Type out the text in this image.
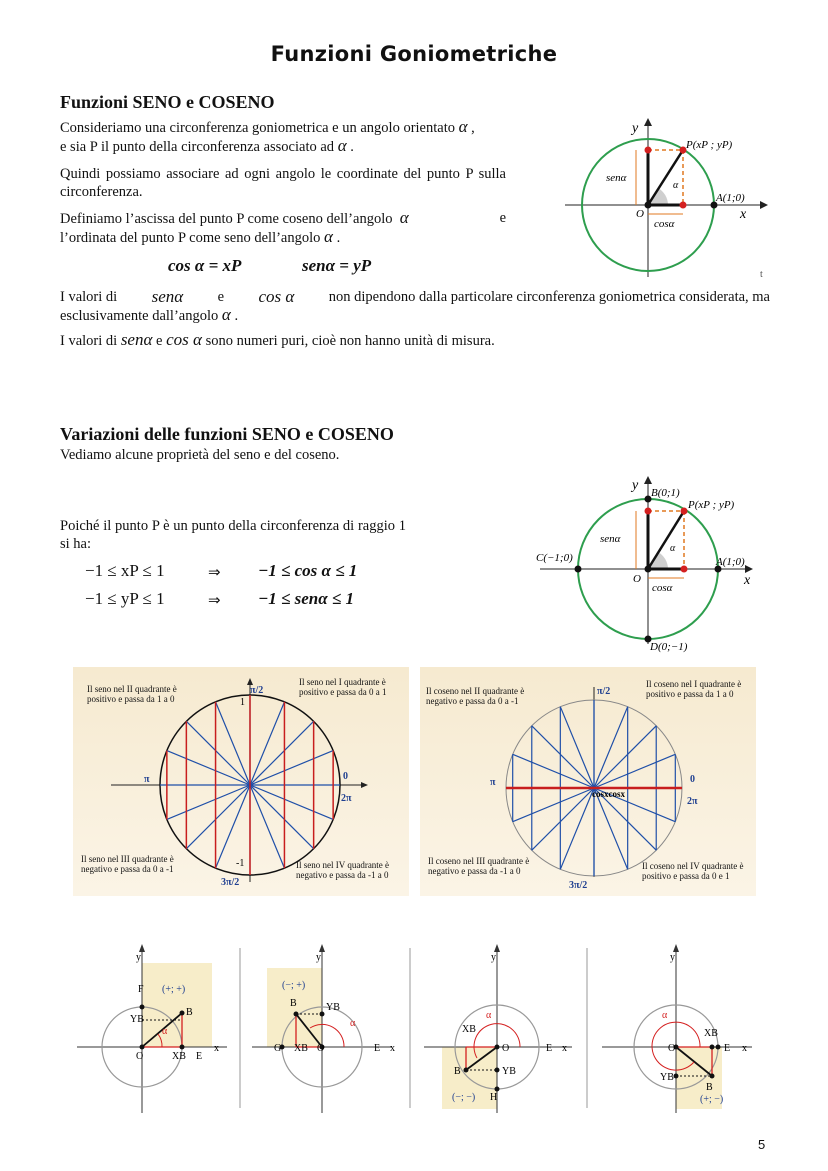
Funzioni Goniometriche
Funzioni SENO e COSENO
Consideriamo una circonferenza goniometrica e un angolo orientato α ,
e sia P il punto della circonferenza associato ad α .
Quindi possiamo associare ad ogni angolo le coordinate del punto P sulla circonferenza.
Definiamo l’ascissa del punto P come coseno dell’angolo α	e
l’ordinata del punto P come seno dell’angolo α .
cos α = xP	senα = yP
I valori di senα e cos α non dipendono dalla particolare circonferenza goniometrica considerata, ma
esclusivamente dall’angolo α .
I valori di senα e cos α sono numeri puri, cioè non hanno unità di misura.
y
x
O
P(xP ; yP)
A(1;0)
senα
cosα
α
t
Variazioni delle funzioni SENO e COSENO
Vediamo alcune proprietà del seno e del coseno.
Poiché il punto P è un punto della circonferenza di raggio 1 si ha:
−1 ≤ xP ≤ 1	⇒ −1 ≤ cos α ≤ 1
−1 ≤ yP ≤ 1	⇒ −1 ≤ senα ≤ 1
y
x
O
B(0;1)
P(xP ; yP)
C(−1;0)	A(1;0)
D(0;−1)
senα
cosα
α
π/2
1
π	0
2π
-1
3π/2
Il seno nel II quadrante è positivo e passa da 1 a 0
Il seno nel I quadrante è positivo e passa da 0 a 1
Il seno nel III quadrante è negativo e passa da 0 a -1	Il seno nel IV quadrante è negativo e passa da -1 a 0
π/2
π	0
2π
3π/2
cosxcosx
Il coseno nel II quadrante è negativo e passa da 0 a -1
Il coseno nel I quadrante è positivo e passa da 1 a 0
Il coseno nel III quadrante è negativo e passa da -1 a 0	Il coseno nel IV quadrante è positivo e passa da 0 e 1
y
x
F (+; +)
B
YB
O	XB E
α
y
x
(−; +)
B	YB
G XB O	E
α
y
x
α
XB
O	E
B	YB
(−; −) H
y
x
α
XB
O	E
YB
B
(+; −)
5
